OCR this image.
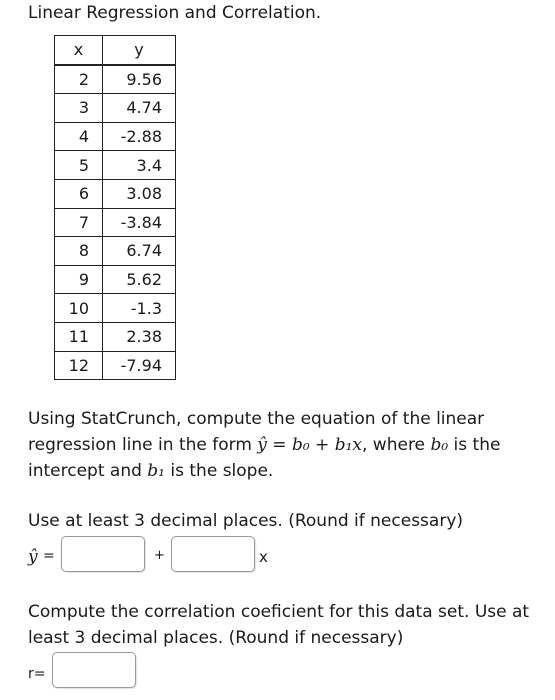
Linear Regression and Correlation.
x	y
2	9.56
3	4.74
4	-2.88
5	3.4
6	3.08
7	-3.84
8	6.74
9	5.62
10	-1.3
11	2.38
12	-7.94
Using StatCrunch, compute the equation of the linear regression line in the form ŷ = b₀ + b₁x, where b₀ is the intercept and b₁ is the slope.
Use at least 3 decimal places. (Round if necessary)
ŷ =	+	x
Compute the correlation coeficient for this data set. Use at least 3 decimal places. (Round if necessary)
r=
